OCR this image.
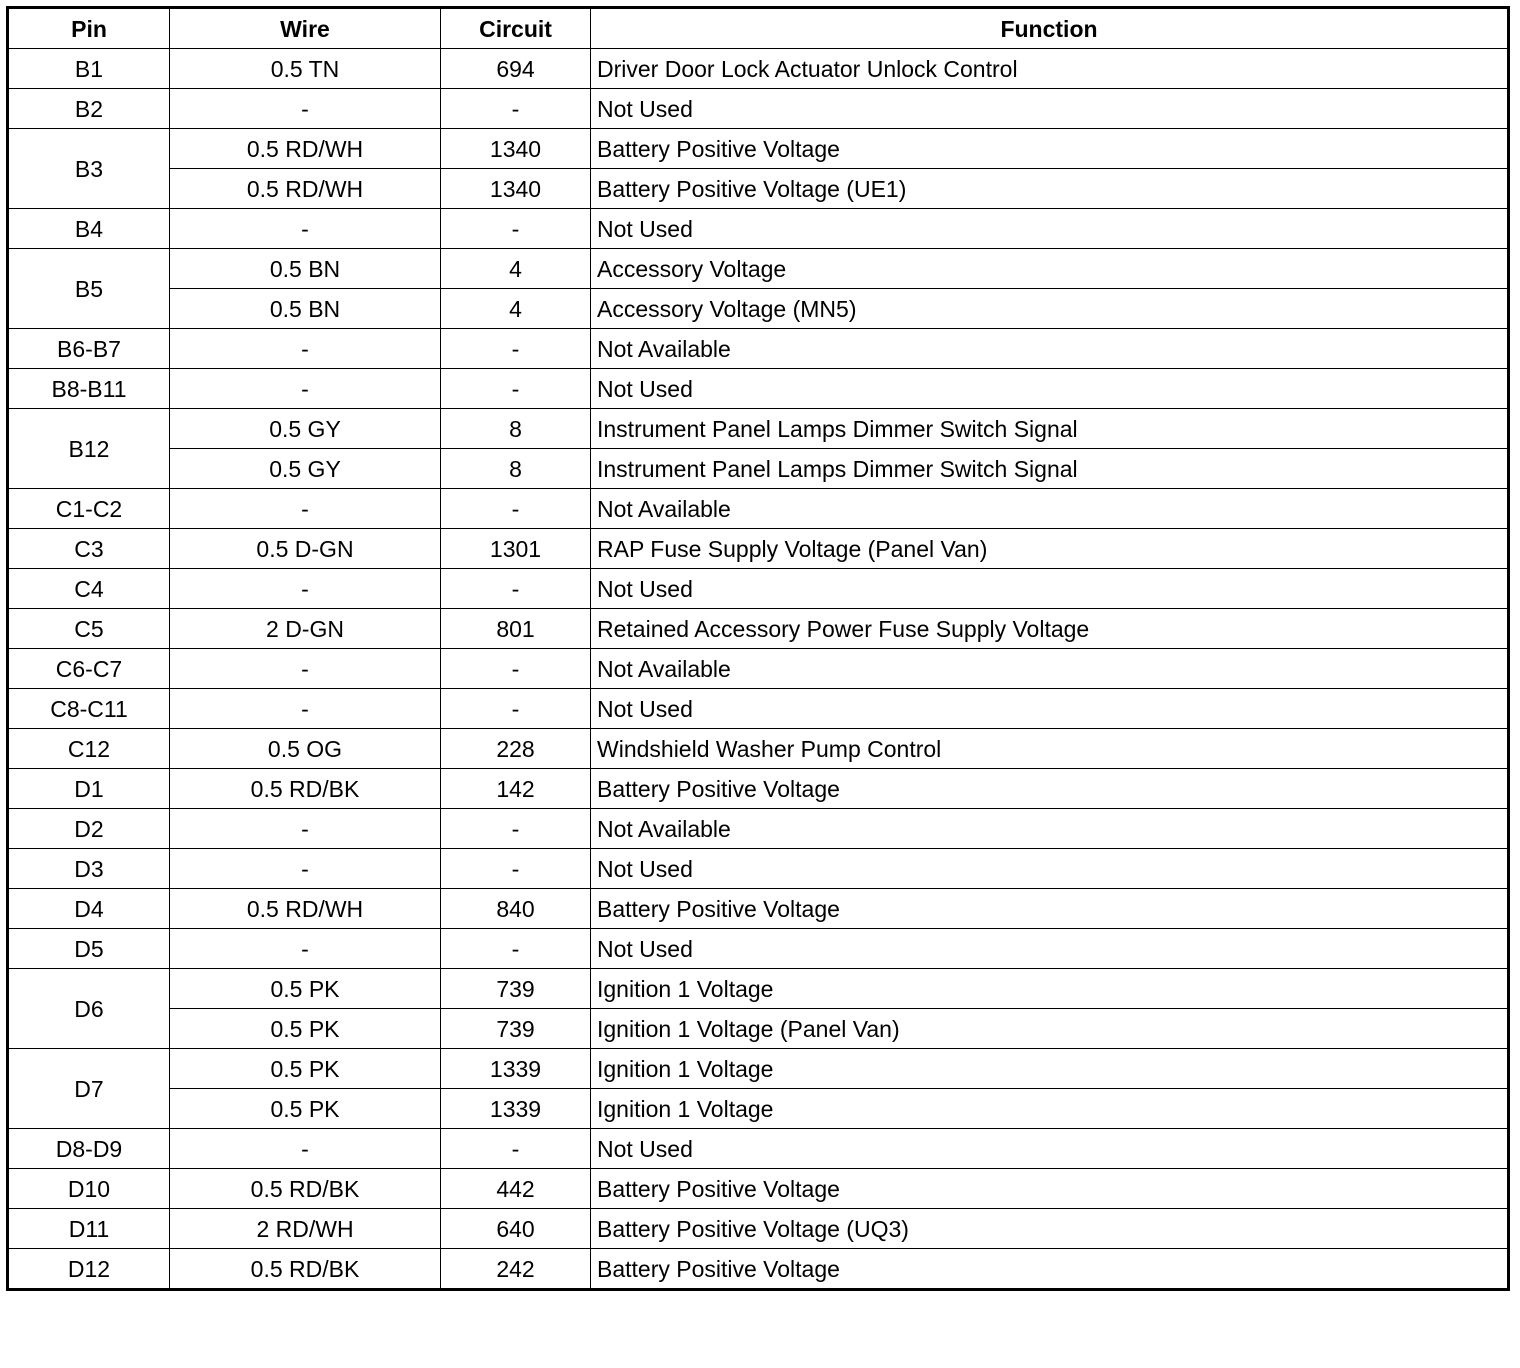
Pin	Wire	Circuit	Function
B1	0.5 TN	694	Driver Door Lock Actuator Unlock Control
B2	-	-	Not Used
B3	0.5 RD/WH	1340	Battery Positive Voltage
	0.5 RD/WH	1340	Battery Positive Voltage (UE1)
B4	-	-	Not Used
B5	0.5 BN	4	Accessory Voltage
	0.5 BN	4	Accessory Voltage (MN5)
B6-B7	-	-	Not Available
B8-B11	-	-	Not Used
B12	0.5 GY	8	Instrument Panel Lamps Dimmer Switch Signal
	0.5 GY	8	Instrument Panel Lamps Dimmer Switch Signal
C1-C2	-	-	Not Available
C3	0.5 D-GN	1301	RAP Fuse Supply Voltage (Panel Van)
C4	-	-	Not Used
C5	2 D-GN	801	Retained Accessory Power Fuse Supply Voltage
C6-C7	-	-	Not Available
C8-C11	-	-	Not Used
C12	0.5 OG	228	Windshield Washer Pump Control
D1	0.5 RD/BK	142	Battery Positive Voltage
D2	-	-	Not Available
D3	-	-	Not Used
D4	0.5 RD/WH	840	Battery Positive Voltage
D5	-	-	Not Used
D6	0.5 PK	739	Ignition 1 Voltage
	0.5 PK	739	Ignition 1 Voltage (Panel Van)
D7	0.5 PK	1339	Ignition 1 Voltage
	0.5 PK	1339	Ignition 1 Voltage
D8-D9	-	-	Not Used
D10	0.5 RD/BK	442	Battery Positive Voltage
D11	2 RD/WH	640	Battery Positive Voltage (UQ3)
D12	0.5 RD/BK	242	Battery Positive Voltage
